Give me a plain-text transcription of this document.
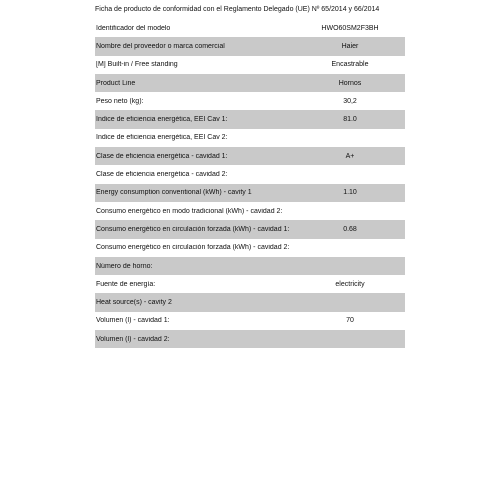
Ficha de producto de conformidad con el Reglamento Delegado (UE) Nº 65/2014 y 66/2014
Identificador del modelo	HWO60SM2F3BH
Nombre del proveedor o marca comercial	Haier
[M] Built-in / Free standing	Encastrable
Product Line	Hornos
Peso neto (kg):	30,2
Índice de eficiencia energética, EEI Cav 1:	81.0
Índice de eficiencia energética, EEI Cav 2:
Clase de eficiencia energética - cavidad 1:	A+
Clase de eficiencia energética - cavidad 2:
Energy consumption conventional (kWh) - cavity 1	1.10
Consumo energético en modo tradicional (kWh) - cavidad 2:
Consumo energético en circulación forzada (kWh) - cavidad 1:	0.68
Consumo energético en circulación forzada (kWh) - cavidad 2:
Número de horno:
Fuente de energía:	electricity
Heat source(s) - cavity 2
Volumen (l) - cavidad 1:	70
Volumen (l) - cavidad 2:
